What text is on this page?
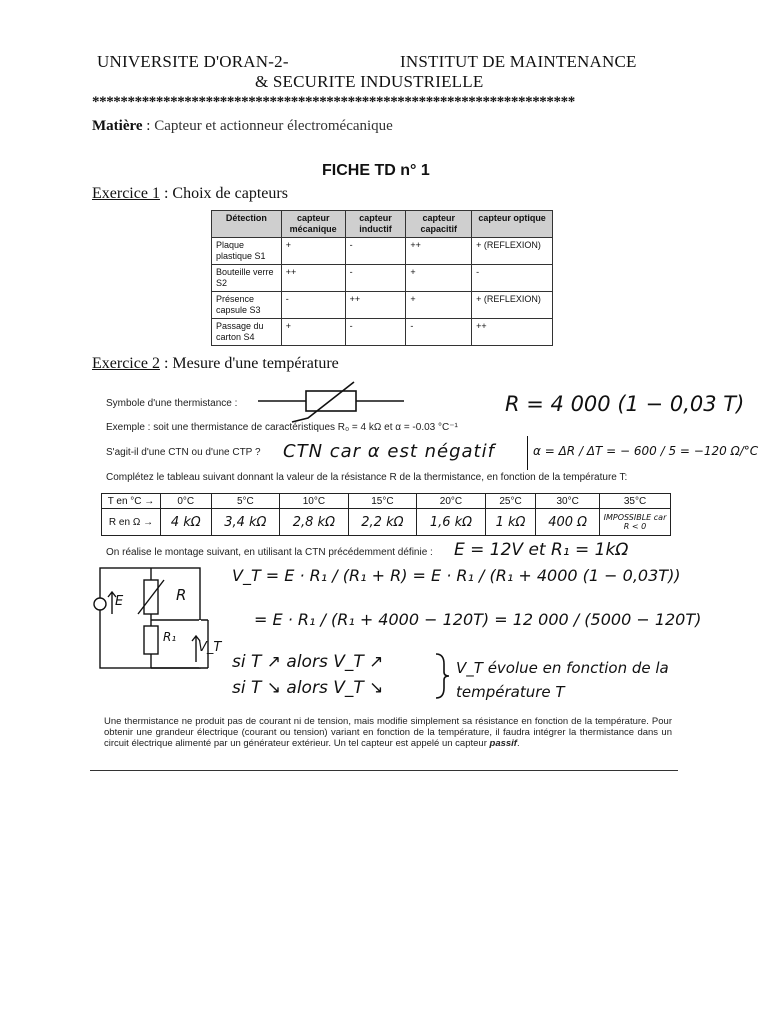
UNIVERSITE D'ORAN-2-	INSTITUT DE MAINTENANCE
& SECURITE INDUSTRIELLE
********************************************************************
Matière : Capteur et actionneur électromécanique
FICHE TD n° 1
Exercice 1 : Choix de capteurs
Détection	capteur mécanique	capteur inductif	capteur capacitif	capteur optique
Plaque plastique S1	+	-	++	+ (REFLEXION)
Bouteille verre S2	++	-	+	-
Présence capsule S3	-	++	+	+ (REFLEXION)
Passage du carton S4	+	-	-	++
Exercice 2 : Mesure d'une température
Symbole d'une thermistance :	R = 4 000 (1 − 0,03 T)
Exemple : soit une thermistance de caractéristiques R₀ = 4 kΩ et α = -0.03 °C⁻¹
S'agit-il d'une CTN ou d'une CTP ? CTN car α est négatif	α = ΔR / ΔT = − 600 / 5 = −120 Ω/°C
Complétez le tableau suivant donnant la valeur de la résistance R de la thermistance, en fonction de la température T:
T en °C →	0°C	5°C	10°C	15°C	20°C	25°C	30°C	35°C
R en Ω →	4 kΩ	3,4 kΩ	2,8 kΩ	2,2 kΩ	1,6 kΩ	1 kΩ	400 Ω	IMPOSSIBLE car R < 0
On réalise le montage suivant, en utilisant la CTN précédemment définie : E = 12V et R₁ = 1kΩ
E	R
R₁
V_T
V_T = E · R₁ / (R₁ + R) = E · R₁ / (R₁ + 4000 (1 − 0,03T))
= E · R₁ / (R₁ + 4000 − 120T) = 12 000 / (5000 − 120T)
si T ↗ alors V_T ↗
si T ↘ alors V_T ↘
V_T évolue en fonction de la température T
Une thermistance ne produit pas de courant ni de tension, mais modifie simplement sa résistance en fonction de la température. Pour obtenir une grandeur électrique (courant ou tension) variant en fonction de la température, il faudra intégrer la thermistance dans un circuit électrique alimenté par un générateur extérieur. Un tel capteur est appelé un capteur passif.
